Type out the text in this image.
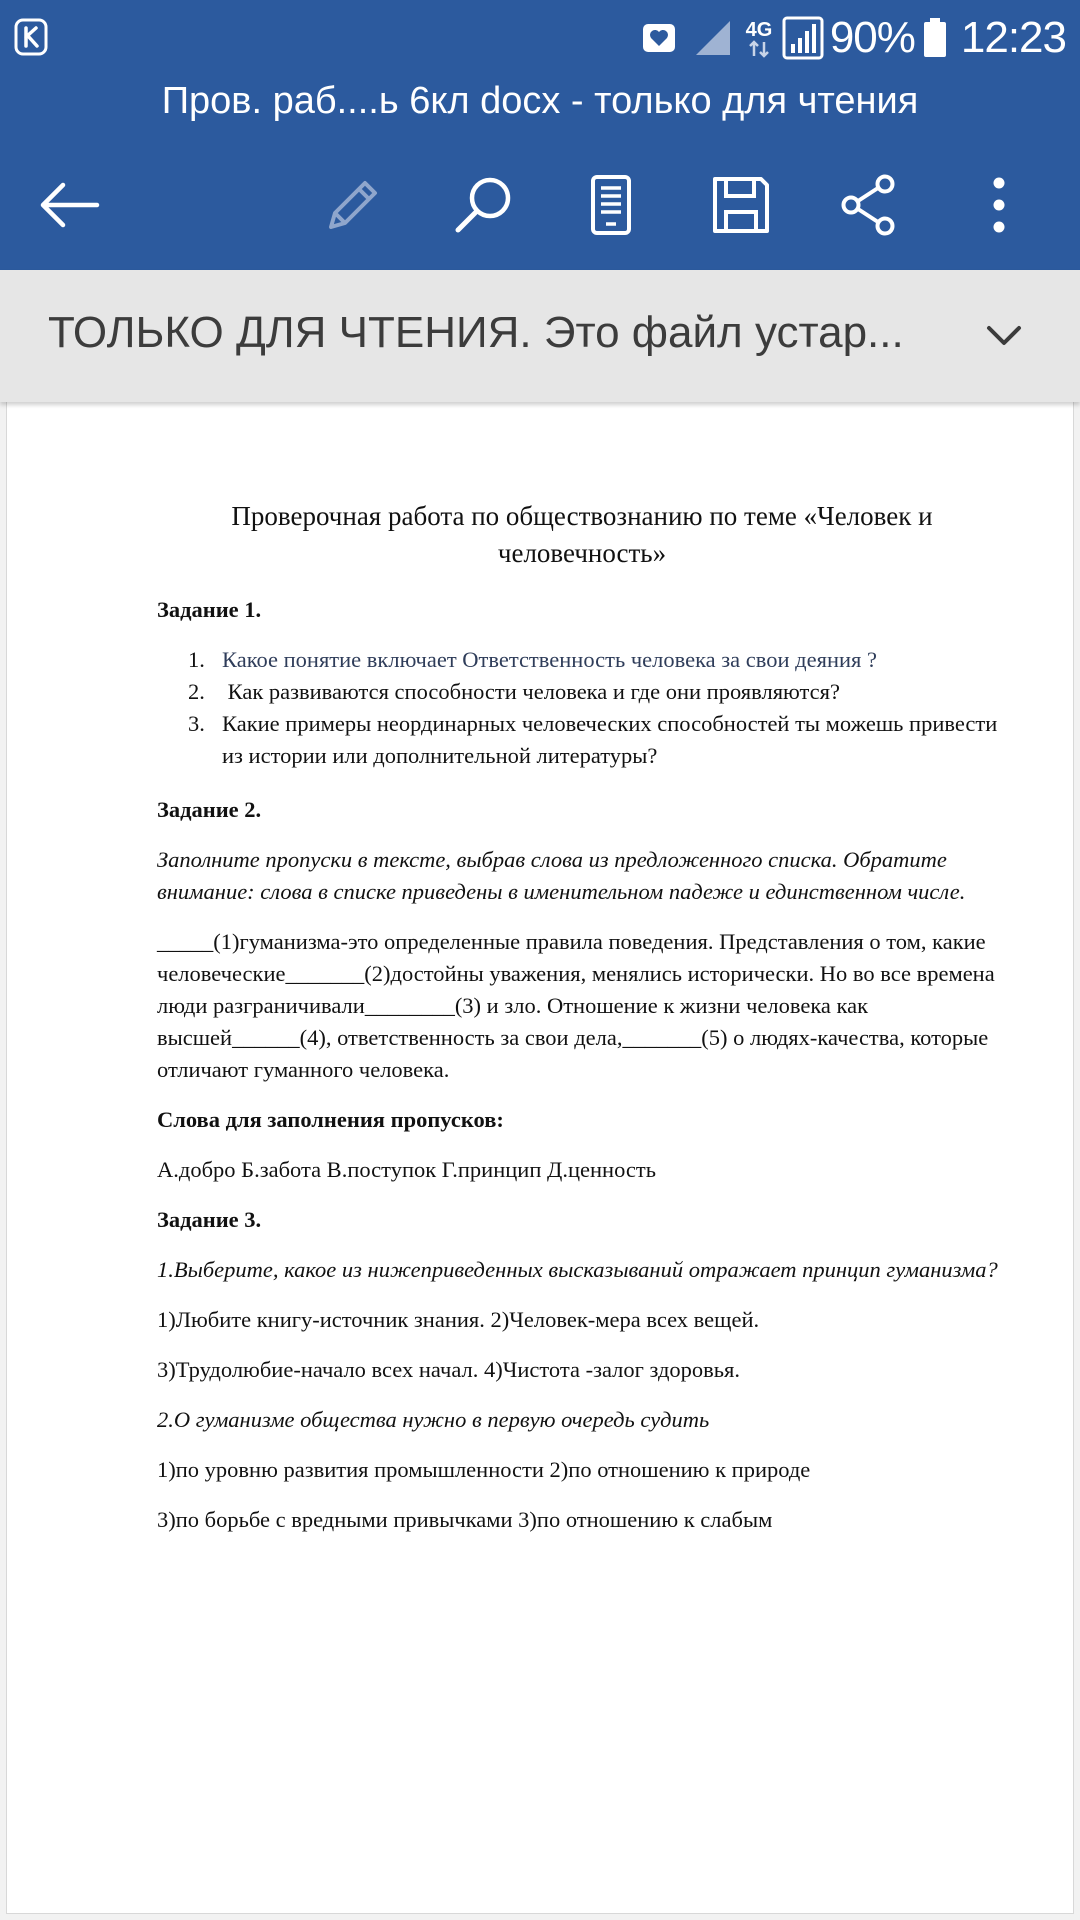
4G 90% 12:23
Пров. раб....ь 6кл docx - только для чтения
ТОЛЬКО ДЛЯ ЧТЕНИЯ. Это файл устар...
Проверочная работа по обществознанию по теме «Человек и человечность»
Задание 1.
1. Какое понятие включает Ответственность человека за свои деяния ?
2. Как развиваются способности человека и где они проявляются?
3. Какие примеры неординарных человеческих способностей ты можешь привести из истории или дополнительной литературы?
Задание 2.
Заполните пропуски в тексте, выбрав слова из предложенного списка. Обратите внимание: слова в списке приведены в именительном падеже и единственном числе.
_____(1)гуманизма-это определенные правила поведения. Представления о том, какие человеческие_______(2)достойны уважения, менялись исторически. Но во все времена люди разграничивали________(3) и зло. Отношение к жизни человека как высшей______(4), ответственность за свои дела,_______(5) о людях-качества, которые отличают гуманного человека.
Слова для заполнения пропусков:
А.добро Б.забота В.поступок Г.принцип Д.ценность
Задание 3.
1.Выберите, какое из нижеприведенных высказываний отражает принцип гуманизма?
1)Любите книгу-источник знания. 2)Человек-мера всех вещей.
3)Трудолюбие-начало всех начал. 4)Чистота -залог здоровья.
2.О гуманизме общества нужно в первую очередь судить
1)по уровню развития промышленности 2)по отношению к природе
3)по борьбе с вредными привычками 3)по отношению к слабым
